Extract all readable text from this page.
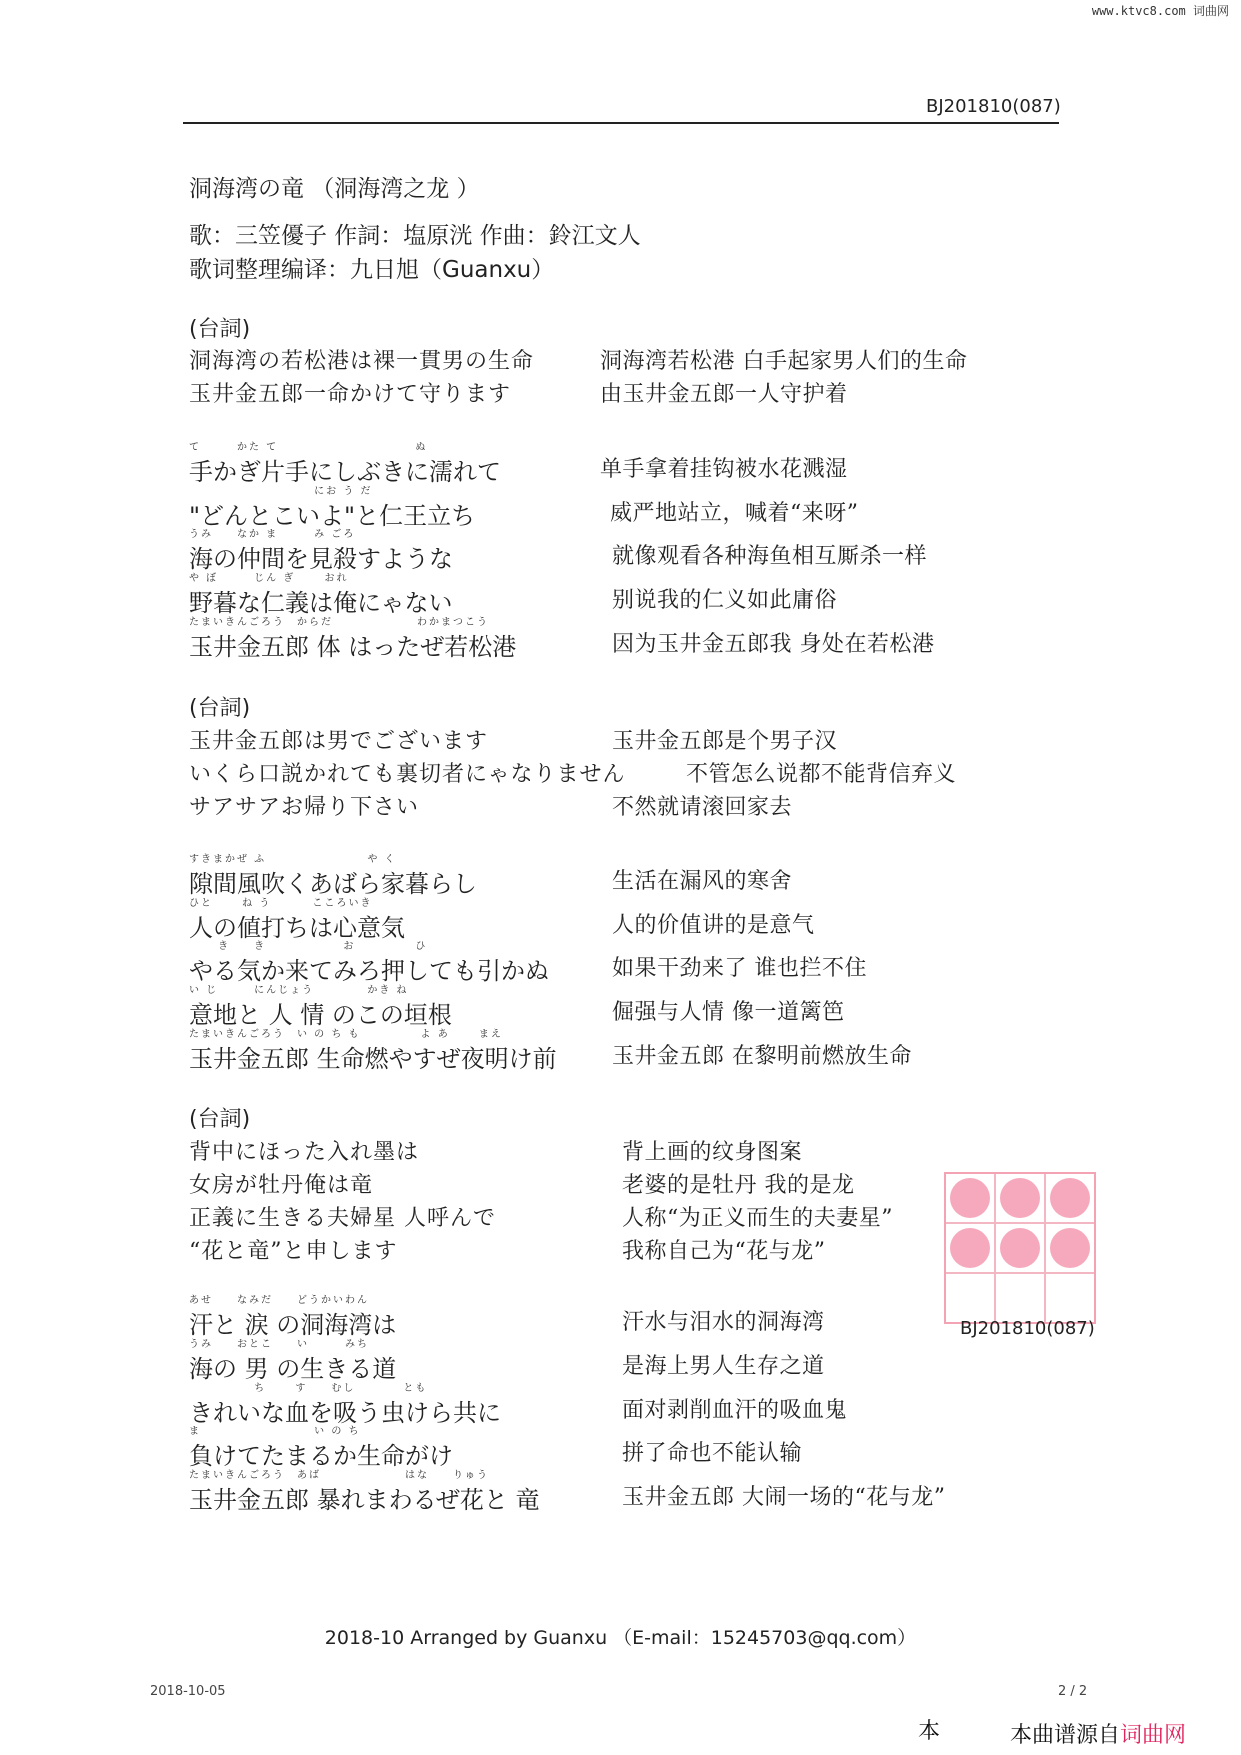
www.ktvc8.com 词曲网
BJ201810(087)
洞海湾の竜 （洞海湾之龙 ）
歌：三笠優子 作詞：塩原洸 作曲：鈴江文人
歌词整理编译：九日旭（Guanxu）
(台詞)
洞海湾の若松港は裸一貫男の生命	洞海湾若松港 白手起家男人们的生命
玉井金五郎一命かけて守ります	由玉井金五郎一人守护着
て　　　かた て　　　　　　　　　　　 ぬ
手かぎ片手にしぶきに濡れて	单手拿着挂钩被水花溅湿
　　　　　　　　　　 にお う だ
"どんとこいよ"と仁王立ち	威严地站立，喊着“来呀”
うみ　　なか ま　　　み ごろ
海の仲間を見殺すような	就像观看各种海鱼相互厮杀一样
や ぼ　　　じん ぎ　　 おれ
野暮な仁義は俺にゃない	别说我的仁义如此庸俗
たまいきんごろう　からだ　　　　　　　わかまつこう
玉井金五郎 体 はったぜ若松港	因为玉井金五郎我 身处在若松港
(台詞)
玉井金五郎は男でございます	玉井金五郎是个男子汉
いくら口説かれても裏切者にゃなりません	不管怎么说都不能背信弃义
サアサアお帰り下さい	不然就请滚回家去
すきまかぜ ふ　　　　　　　　 や く
隙間風吹くあばら家暮らし	生活在漏风的寒舍
ひと　　 ね う　　　 こころいき
人の値打ちは心意気	人的价值讲的是意气
　　 き　　き　　　　　　 お　　　　　ひ
やる気か来てみろ押しても引かぬ	如果干劲来了 谁也拦不住
い じ　　　にんじょう　　　　 かき ね
意地と 人 情 のこの垣根	倔强与人情 像一道篱笆
たまいきんごろう　い の ち も　　　　　よ あ　　 まえ
玉井金五郎 生命燃やすぜ夜明け前	玉井金五郎 在黎明前燃放生命
(台詞)
背中にほった入れ墨は	背上画的纹身图案
女房が牡丹俺は竜	老婆的是牡丹 我的是龙
正義に生きる夫婦星 人呼んで	人称“为正义而生的夫妻星”
“花と竜”と申します	我称自己为“花与龙”
九 日 旭
BJ201810(087)
あせ　　なみだ　　どうかいわん
汗と 涙 の洞海湾は	汗水与泪水的洞海湾
うみ　　おとこ　　い　　　みち
海の 男 の生きる道	是海上男人生存之道
　　　　　 ち　　 す　　むし　　　　とも
きれいな血を吸う虫けら共に	面对剥削血汗的吸血鬼
ま　　　　　　　　　 い の ち
負けてたまるか生命がけ	拼了命也不能认输
たまいきんごろう　あば　　　　　　　はな　　りゅう
玉井金五郎 暴れまわるぜ花と 竜	玉井金五郎 大闹一场的“花与龙”
2018-10 Arranged by Guanxu （E-mail：15245703@qq.com）
2018-10-05	2 / 2
本	本曲谱源自词曲网
